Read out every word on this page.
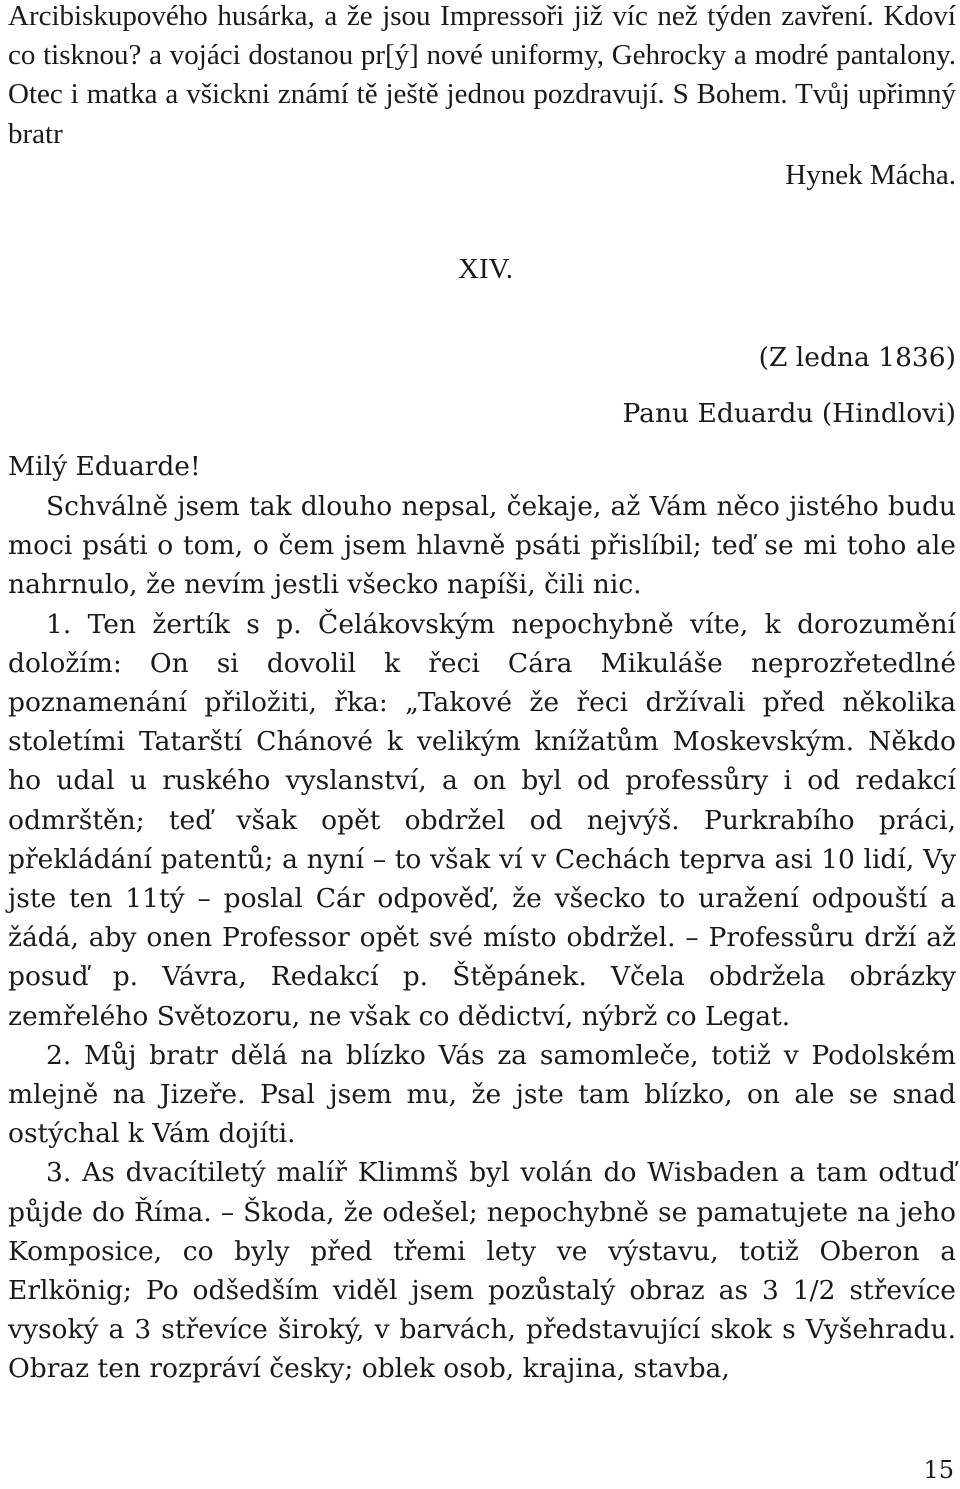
Arcibiskupového husárka, a že jsou Impressoři již víc než týden zavření. Kdoví co tisknou? a vojáci dostanou pr[ý] nové uniformy, Gehrocky a modré pantalony. Otec i matka a všickni známí tě ještě jednou pozdravují. S Bohem. Tvůj upřimný bratr

Hynek Mácha.
XIV.
(Z ledna 1836)
Panu Eduardu (Hindlovi)
Milý Eduarde!

Schválně jsem tak dlouho nepsal, čekaje, až Vám něco jistého budu moci psáti o tom, o čem jsem hlavně psáti přislíbil; teď se mi toho ale nahrnulo, že nevím jestli všecko napíši, čili nic.

1. Ten žertík s p. Čelákovským nepochybně víte, k dorozumění doložím: On si dovolil k řeci Cára Mikuláše neprozřetedlné poznamenání přiložiti, řka: „Takové že řeci držívali před několika stoletími Tatarští Chánové k velikým knížatům Moskevským. Někdo ho udal u ruského vyslanství, a on byl od professůry i od redakcí odmrštěn; teď však opět obdržel od nejvýš. Purkrabího práci, překládání patentů; a nyní – to však ví v Cechách teprva asi 10 lidí, Vy jste ten 11tý – poslal Cár odpověď, že všecko to uražení odpouští a žádá, aby onen Professor opět své místo obdržel. – Professůru drží až posuď p. Vávra, Redakcí p. Štěpánek. Včela obdržela obrázky zemřelého Světozoru, ne však co dědictví, nýbrž co Legat.

2. Můj bratr dělá na blízko Vás za samomleče, totiž v Podolském mlejně na Jizeře. Psal jsem mu, že jste tam blízko, on ale se snad ostýchal k Vám dojíti.

3. As dvacítiletý malíř Klimmš byl volán do Wisbaden a tam odtuď půjde do Říma. – Škoda, že odešel; nepochybně se pamatujete na jeho Komposice, co byly před třemi lety ve výstavu, totiž Oberon a Erlkönig; Po odšedším viděl jsem pozůstalý obraz as 3 1/2 střevíce vysoký a 3 střevíce široký, v barvách, představující skok s Vyšehradu. Obraz ten rozpráví česky; oblek osob, krajina, stavba,

15
